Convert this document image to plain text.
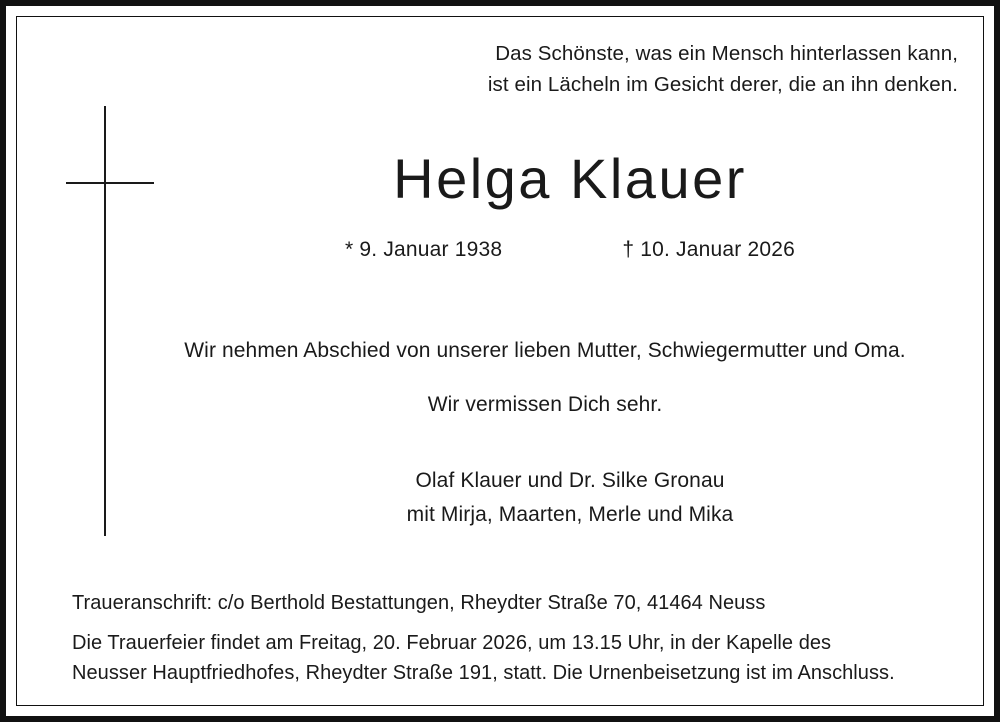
Das Schönste, was ein Mensch hinterlassen kann,
ist ein Lächeln im Gesicht derer, die an ihn denken.
Helga Klauer
* 9. Januar 1938	† 10. Januar 2026
Wir nehmen Abschied von unserer lieben Mutter, Schwiegermutter und Oma.
Wir vermissen Dich sehr.
Olaf Klauer und Dr. Silke Gronau
mit Mirja, Maarten, Merle und Mika
Traueranschrift: c/o Berthold Bestattungen, Rheydter Straße 70, 41464 Neuss
Die Trauerfeier findet am Freitag, 20. Februar 2026, um 13.15 Uhr, in der Kapelle des
Neusser Hauptfriedhofes, Rheydter Straße 191, statt. Die Urnenbeisetzung ist im Anschluss.
